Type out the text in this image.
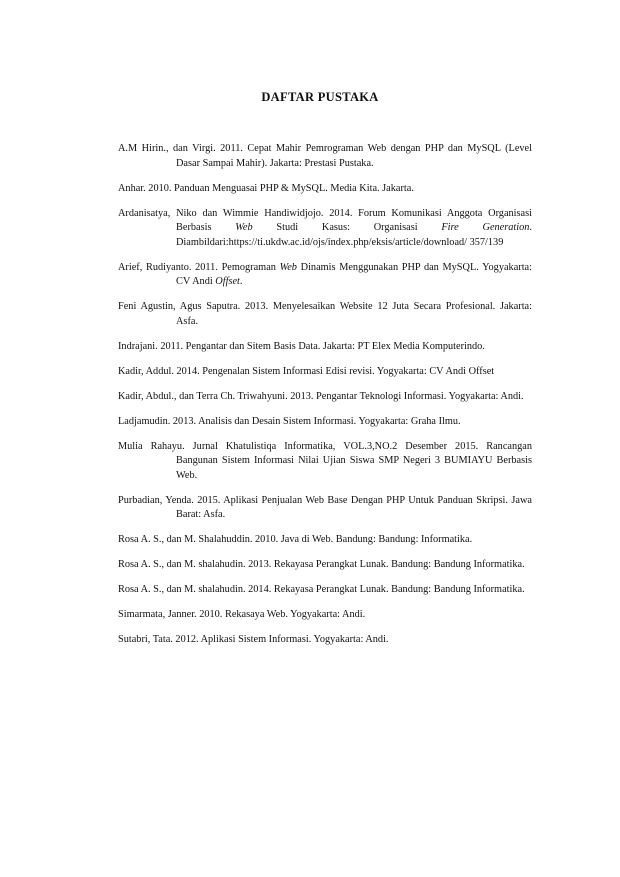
DAFTAR PUSTAKA

A.M Hirin., dan Virgi. 2011. Cepat Mahir Pemrograman Web dengan PHP dan MySQL (Level Dasar Sampai Mahir). Jakarta: Prestasi Pustaka.

Anhar. 2010. Panduan Menguasai PHP & MySQL. Media Kita. Jakarta.

Ardanisatya, Niko dan Wimmie Handiwidjojo. 2014. Forum Komunikasi Anggota Organisasi Berbasis Web Studi Kasus: Organisasi Fire Generation. Diambildari:https://ti.ukdw.ac.id/ojs/index.php/eksis/article/download/ 357/139

Arief, Rudiyanto. 2011. Pemograman Web Dinamis Menggunakan PHP dan MySQL. Yogyakarta: CV Andi Offset.

Feni Agustin, Agus Saputra. 2013. Menyelesaikan Website 12 Juta Secara Profesional. Jakarta: Asfa.

Indrajani. 2011. Pengantar dan Sitem Basis Data. Jakarta: PT Elex Media Komputerindo.

Kadir, Addul. 2014. Pengenalan Sistem Informasi Edisi revisi. Yogyakarta: CV Andi Offset

Kadir, Abdul., dan Terra Ch. Triwahyuni. 2013. Pengantar Teknologi Informasi. Yogyakarta: Andi.

Ladjamudin. 2013. Analisis dan Desain Sistem Informasi. Yogyakarta: Graha Ilmu.

Mulia Rahayu. Jurnal Khatulistiqa Informatika, VOL.3,NO.2 Desember 2015. Rancangan Bangunan Sistem Informasi Nilai Ujian Siswa SMP Negeri 3 BUMIAYU Berbasis Web.

Purbadian, Yenda. 2015. Aplikasi Penjualan Web Base Dengan PHP Untuk Panduan Skripsi. Jawa Barat: Asfa.

Rosa A. S., dan M. Shalahuddin. 2010. Java di Web. Bandung: Bandung: Informatika.

Rosa A. S., dan M. shalahudin. 2013. Rekayasa Perangkat Lunak. Bandung: Bandung Informatika.

Rosa A. S., dan M. shalahudin. 2014. Rekayasa Perangkat Lunak. Bandung: Bandung Informatika.

Simarmata, Janner. 2010. Rekasaya Web. Yogyakarta: Andi.

Sutabri, Tata. 2012. Aplikasi Sistem Informasi. Yogyakarta: Andi.
